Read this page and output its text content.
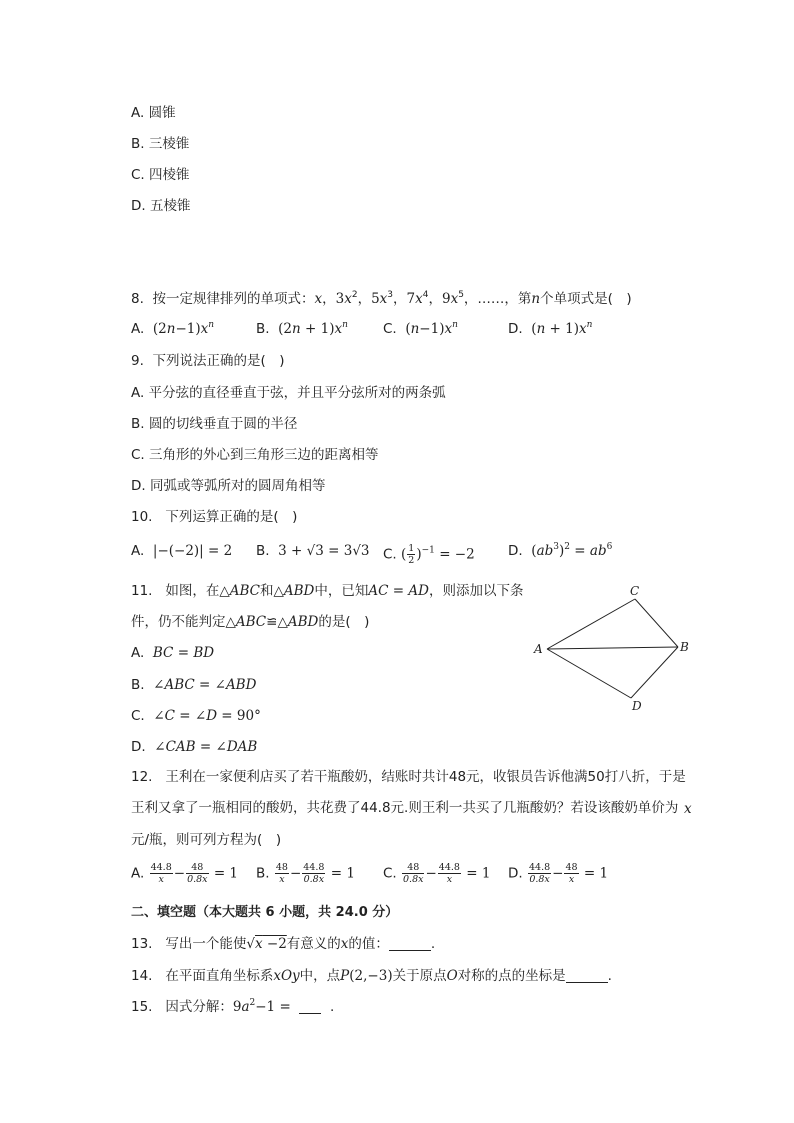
A. 圆锥
B. 三棱锥
C. 四棱锥
D. 五棱锥
8. 按一定规律排列的单项式：x，$3x^2$，$5x^3$，$7x^4$，$9x^5$，……，第n个单项式是(　)
A. $(2n-1)x^n$	B. $(2n + 1)x^n$	C. $(n-1)x^n$	D. $(n + 1)x^n$
9. 下列说法正确的是(　)
A. 平分弦的直径垂直于弦，并且平分弦所对的两条弧
B. 圆的切线垂直于圆的半径
C. 三角形的外心到三角形三边的距离相等
D. 同弧或等弧所对的圆周角相等
10. 下列运算正确的是(　)
A. |−(−2)| = 2 B. 3 + √3 = 3√3 C. ( $\frac{1}{2} )^{-1} = -2$ D. $(ab^3)^2 = ab^6$
11. 如图，在△ABC和△ABD中，已知AC = AD，则添加以下条
件，仍不能判定△ABC≌△ABD的是(　)
A. BC = BD
B. ∠ABC = ∠ABD
C. ∠C = ∠D = 90°
D. ∠CAB = ∠DAB
A	B
C
D
12. 王利在一家便利店买了若干瓶酸奶，结账时共计48元，收银员告诉他满50打八折，于是
王利又拿了一瓶相同的酸奶，共花费了44.8元.则王利一共买了几瓶酸奶？若设该酸奶单价为 x
元/瓶，则可列方程为(　)
A. $\frac{44.8}{x} - \frac{48}{0.8x} = 1$ B. $\frac{48}{x} - \frac{44.8}{0.8x} = 1$ C. $\frac{48}{0.8x} - \frac{44.8}{x} = 1$ D. $\frac{44.8}{0.8x} - \frac{48}{x} = 1$
二、填空题（本大题共 6 小题，共 24.0 分）
13. 写出一个能使√x −2有意义的x的值：	.
14. 在平面直角坐标系xOy中，点P(2,−3)关于原点O对称的点的坐标是	.
15. 因式分解：$9a^2-1$ =	.
